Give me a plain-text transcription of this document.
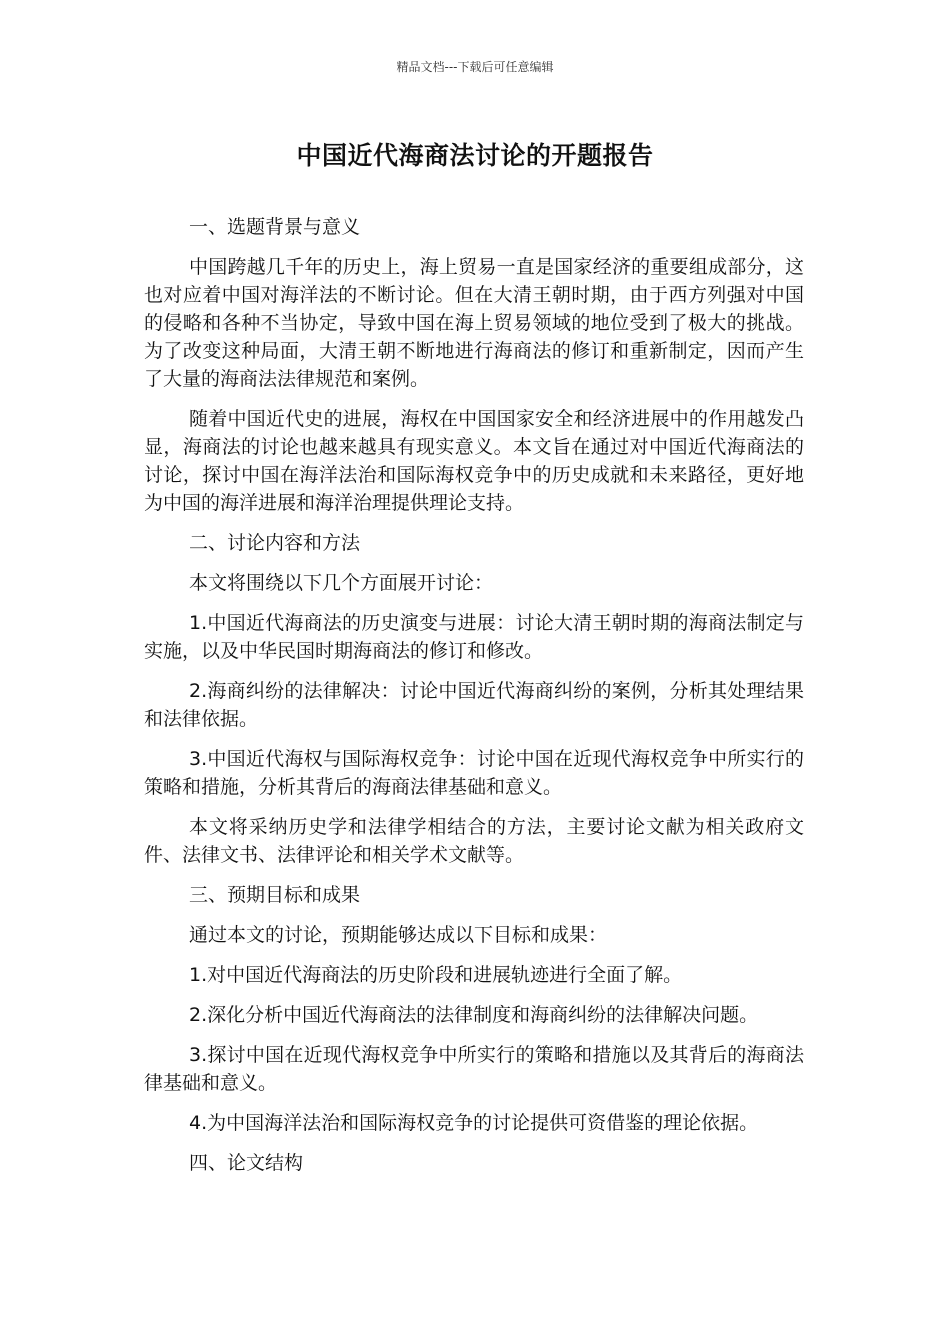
精品文档---下载后可任意编辑
中国近代海商法讨论的开题报告

一、选题背景与意义

中国跨越几千年的历史上，海上贸易一直是国家经济的重要组成部分，这也对应着中国对海洋法的不断讨论。但在大清王朝时期，由于西方列强对中国的侵略和各种不当协定，导致中国在海上贸易领域的地位受到了极大的挑战。为了改变这种局面，大清王朝不断地进行海商法的修订和重新制定，因而产生了大量的海商法法律规范和案例。

随着中国近代史的进展，海权在中国国家安全和经济进展中的作用越发凸显，海商法的讨论也越来越具有现实意义。本文旨在通过对中国近代海商法的讨论，探讨中国在海洋法治和国际海权竞争中的历史成就和未来路径，更好地为中国的海洋进展和海洋治理提供理论支持。

二、讨论内容和方法

本文将围绕以下几个方面展开讨论：

1.中国近代海商法的历史演变与进展：讨论大清王朝时期的海商法制定与实施，以及中华民国时期海商法的修订和修改。

2.海商纠纷的法律解决：讨论中国近代海商纠纷的案例，分析其处理结果和法律依据。

3.中国近代海权与国际海权竞争：讨论中国在近现代海权竞争中所实行的策略和措施，分析其背后的海商法律基础和意义。

本文将采纳历史学和法律学相结合的方法，主要讨论文献为相关政府文件、法律文书、法律评论和相关学术文献等。

三、预期目标和成果

通过本文的讨论，预期能够达成以下目标和成果：

1.对中国近代海商法的历史阶段和进展轨迹进行全面了解。

2.深化分析中国近代海商法的法律制度和海商纠纷的法律解决问题。

3.探讨中国在近现代海权竞争中所实行的策略和措施以及其背后的海商法律基础和意义。

4.为中国海洋法治和国际海权竞争的讨论提供可资借鉴的理论依据。

四、论文结构
